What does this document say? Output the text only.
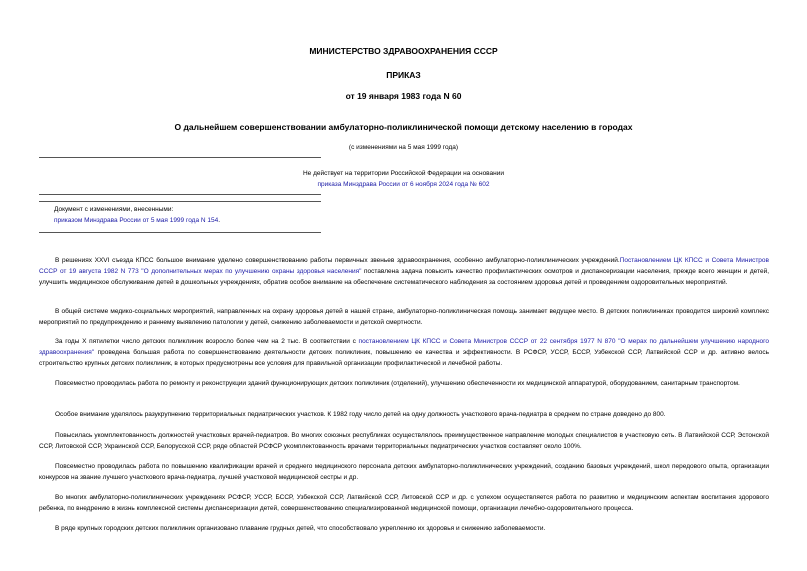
МИНИСТЕРСТВО ЗДРАВООХРАНЕНИЯ СССР
ПРИКАЗ
от 19 января 1983 года N 60
О дальнейшем совершенствовании амбулаторно-поликлинической помощи детскому населению в городах
(с изменениями на 5 мая 1999 года)
Не действует на территории Российской Федерации на основании
приказа Минздрава России от 6 ноября 2024 года № 602
Документ с изменениями, внесенными:
приказом Минздрава России от 5 мая 1999 года N 154.
В решениях XXVI съезда КПСС большое внимание уделено совершенствованию работы первичных звеньев здравоохранения, особенно амбулаторно-поликлинических учреждений.Постановлением ЦК КПСС и Совета Министров СССР от 19 августа 1982 N 773 "О дополнительных мерах по улучшению охраны здоровья населения" поставлена задача повысить качество профилактических осмотров и диспансеризации населения, прежде всего женщин и детей, улучшить медицинское обслуживание детей в дошкольных учреждениях, обратив особое внимание на обеспечение систематического наблюдения за состоянием здоровья детей и проведением оздоровительных мероприятий.
В общей системе медико-социальных мероприятий, направленных на охрану здоровья детей в нашей стране, амбулаторно-поликлиническая помощь занимает ведущее место. В детских поликлиниках проводится широкий комплекс мероприятий по предупреждению и раннему выявлению патологии у детей, снижению заболеваемости и детской смертности.
За годы X пятилетки число детских поликлиник возросло более чем на 2 тыс. В соответствии с постановлением ЦК КПСС и Совета Министров СССР от 22 сентября 1977 N 870 "О мерах по дальнейшем улучшению народного здравоохранения" проведена большая работа по совершенствованию деятельности детских поликлиник, повышению ее качества и эффективности. В РСФСР, УССР, БССР, Узбекской ССР, Латвийской ССР и др. активно велось строительство крупных детских поликлиник, в которых предусмотрены все условия для правильной организации профилактической и лечебной работы.
Повсеместно проводилась работа по ремонту и реконструкции зданий функционирующих детских поликлиник (отделений), улучшению обеспеченности их медицинской аппаратурой, оборудованием, санитарным транспортом.
Особое внимание уделялось разукрупнению территориальных педиатрических участков. К 1982 году число детей на одну должность участкового врача-педиатра в среднем по стране доведено до 800.
Повысилась укомплектованность должностей участковых врачей-педиатров. Во многих союзных республиках осуществлялось преимущественное направление молодых специалистов в участковую сеть. В Латвийской ССР, Эстонской ССР, Литовской ССР, Украинской ССР, Белорусской ССР, ряде областей РСФСР укомплектованность врачами территориальных педиатрических участков составляет около 100%.
Повсеместно проводилась работа по повышению квалификации врачей и среднего медицинского персонала детских амбулаторно-поликлинических учреждений, созданию базовых учреждений, школ передового опыта, организации конкурсов на звание лучшего участкового врача-педиатра, лучшей участковой медицинской сестры и др.
Во многих амбулаторно-поликлинических учреждениях РСФСР, УССР, БССР, Узбекской ССР, Латвийской ССР, Литовской ССР и др. с успехом осуществляется работа по развитию и медицинским аспектам воспитания здорового ребенка, по внедрению в жизнь комплексной системы диспансеризации детей, совершенствованию специализированной медицинской помощи, организации лечебно-оздоровительного процесса.
В ряде крупных городских детских поликлиник организовано плавание грудных детей, что способствовало укреплению их здоровья и снижению заболеваемости.
